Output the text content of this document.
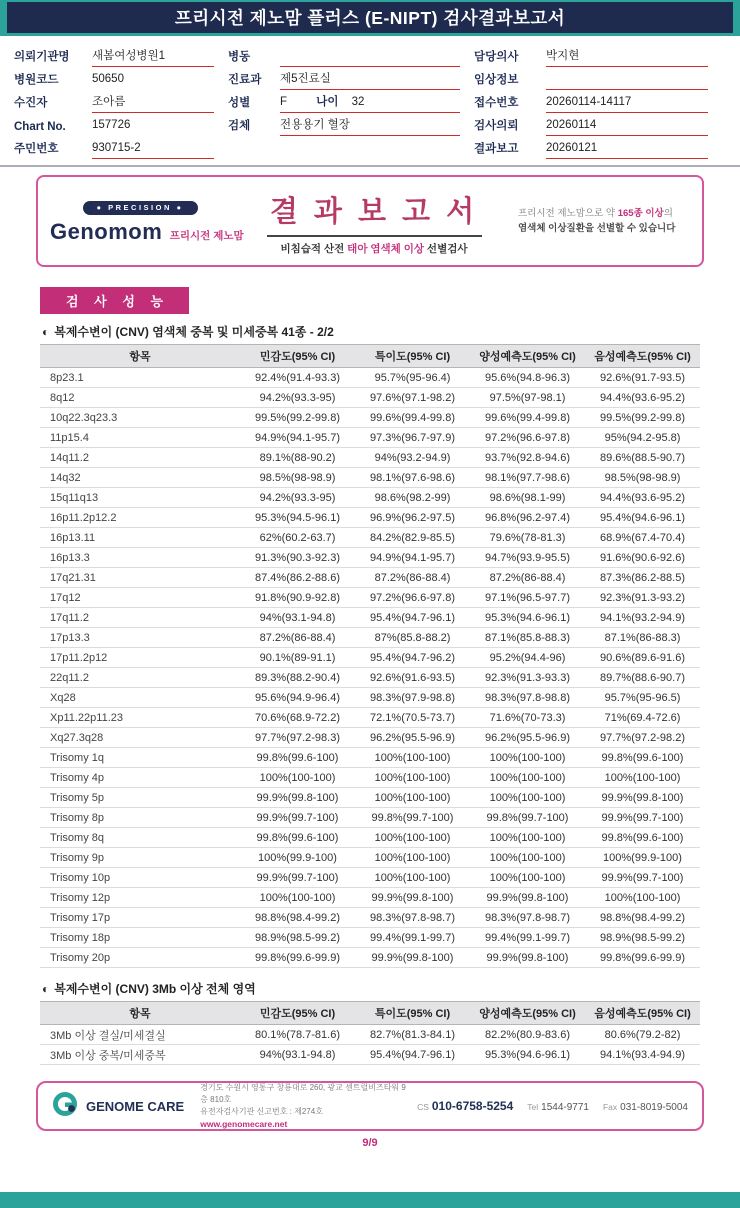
프리시전 제노맘 플러스 (E-NIPT) 검사결과보고서
의뢰기관명	새봄여성병원1
병원코드	50650
수진자	조아름
Chart No.	157726
주민번호	930715-2
병동
진료과	제5진료실
성별	F	나이 32
검체	전용용기 혈장
담당의사	박지현
임상정보
접수번호	20260114-14117
검사의뢰	20260114
결과보고	20260121
● PRECISION ●
Genomom 프리시전 제노맘
결 과 보 고 서
비침습적 산전 태아 염색체 이상 선별검사
프리시전 제노맘으로 약 165종 이상의
염색체 이상질환을 선별할 수 있습니다
검 사 성 능
◐ 복제수변이 (CNV) 염색체 중복 및 미세중복 41종 - 2/2
항목	민감도(95% CI)	특이도(95% CI)	양성예측도(95% CI)	음성예측도(95% CI)
8p23.1	92.4%(91.4-93.3)	95.7%(95-96.4)	95.6%(94.8-96.3)	92.6%(91.7-93.5)
8q12	94.2%(93.3-95)	97.6%(97.1-98.2)	97.5%(97-98.1)	94.4%(93.6-95.2)
10q22.3q23.3	99.5%(99.2-99.8)	99.6%(99.4-99.8)	99.6%(99.4-99.8)	99.5%(99.2-99.8)
11p15.4	94.9%(94.1-95.7)	97.3%(96.7-97.9)	97.2%(96.6-97.8)	95%(94.2-95.8)
14q11.2	89.1%(88-90.2)	94%(93.2-94.9)	93.7%(92.8-94.6)	89.6%(88.5-90.7)
14q32	98.5%(98-98.9)	98.1%(97.6-98.6)	98.1%(97.7-98.6)	98.5%(98-98.9)
15q11q13	94.2%(93.3-95)	98.6%(98.2-99)	98.6%(98.1-99)	94.4%(93.6-95.2)
16p11.2p12.2	95.3%(94.5-96.1)	96.9%(96.2-97.5)	96.8%(96.2-97.4)	95.4%(94.6-96.1)
16p13.11	62%(60.2-63.7)	84.2%(82.9-85.5)	79.6%(78-81.3)	68.9%(67.4-70.4)
16p13.3	91.3%(90.3-92.3)	94.9%(94.1-95.7)	94.7%(93.9-95.5)	91.6%(90.6-92.6)
17q21.31	87.4%(86.2-88.6)	87.2%(86-88.4)	87.2%(86-88.4)	87.3%(86.2-88.5)
17q12	91.8%(90.9-92.8)	97.2%(96.6-97.8)	97.1%(96.5-97.7)	92.3%(91.3-93.2)
17q11.2	94%(93.1-94.8)	95.4%(94.7-96.1)	95.3%(94.6-96.1)	94.1%(93.2-94.9)
17p13.3	87.2%(86-88.4)	87%(85.8-88.2)	87.1%(85.8-88.3)	87.1%(86-88.3)
17p11.2p12	90.1%(89-91.1)	95.4%(94.7-96.2)	95.2%(94.4-96)	90.6%(89.6-91.6)
22q11.2	89.3%(88.2-90.4)	92.6%(91.6-93.5)	92.3%(91.3-93.3)	89.7%(88.6-90.7)
Xq28	95.6%(94.9-96.4)	98.3%(97.9-98.8)	98.3%(97.8-98.8)	95.7%(95-96.5)
Xp11.22p11.23	70.6%(68.9-72.2)	72.1%(70.5-73.7)	71.6%(70-73.3)	71%(69.4-72.6)
Xq27.3q28	97.7%(97.2-98.3)	96.2%(95.5-96.9)	96.2%(95.5-96.9)	97.7%(97.2-98.2)
Trisomy 1q	99.8%(99.6-100)	100%(100-100)	100%(100-100)	99.8%(99.6-100)
Trisomy 4p	100%(100-100)	100%(100-100)	100%(100-100)	100%(100-100)
Trisomy 5p	99.9%(99.8-100)	100%(100-100)	100%(100-100)	99.9%(99.8-100)
Trisomy 8p	99.9%(99.7-100)	99.8%(99.7-100)	99.8%(99.7-100)	99.9%(99.7-100)
Trisomy 8q	99.8%(99.6-100)	100%(100-100)	100%(100-100)	99.8%(99.6-100)
Trisomy 9p	100%(99.9-100)	100%(100-100)	100%(100-100)	100%(99.9-100)
Trisomy 10p	99.9%(99.7-100)	100%(100-100)	100%(100-100)	99.9%(99.7-100)
Trisomy 12p	100%(100-100)	99.9%(99.8-100)	99.9%(99.8-100)	100%(100-100)
Trisomy 17p	98.8%(98.4-99.2)	98.3%(97.8-98.7)	98.3%(97.8-98.7)	98.8%(98.4-99.2)
Trisomy 18p	98.9%(98.5-99.2)	99.4%(99.1-99.7)	99.4%(99.1-99.7)	98.9%(98.5-99.2)
Trisomy 20p	99.8%(99.6-99.9)	99.9%(99.8-100)	99.9%(99.8-100)	99.8%(99.6-99.9)
◐ 복제수변이 (CNV) 3Mb 이상 전체 영역
항목	민감도(95% CI)	특이도(95% CI)	양성예측도(95% CI)	음성예측도(95% CI)
3Mb 이상 결실/미세결실	80.1%(78.7-81.6)	82.7%(81.3-84.1)	82.2%(80.9-83.6)	80.6%(79.2-82)
3Mb 이상 중복/미세중복	94%(93.1-94.8)	95.4%(94.7-96.1)	95.3%(94.6-96.1)	94.1%(93.4-94.9)
GENOME CARE
경기도 수원시 영통구 창룡대로 260, 광교 센트럴비즈타워 9층 810호
유전자검사기관 신고번호 : 제274호
www.genomecare.net
CS 010-6758-5254 Tel 1544-9771 Fax 031-8019-5004
9/9
